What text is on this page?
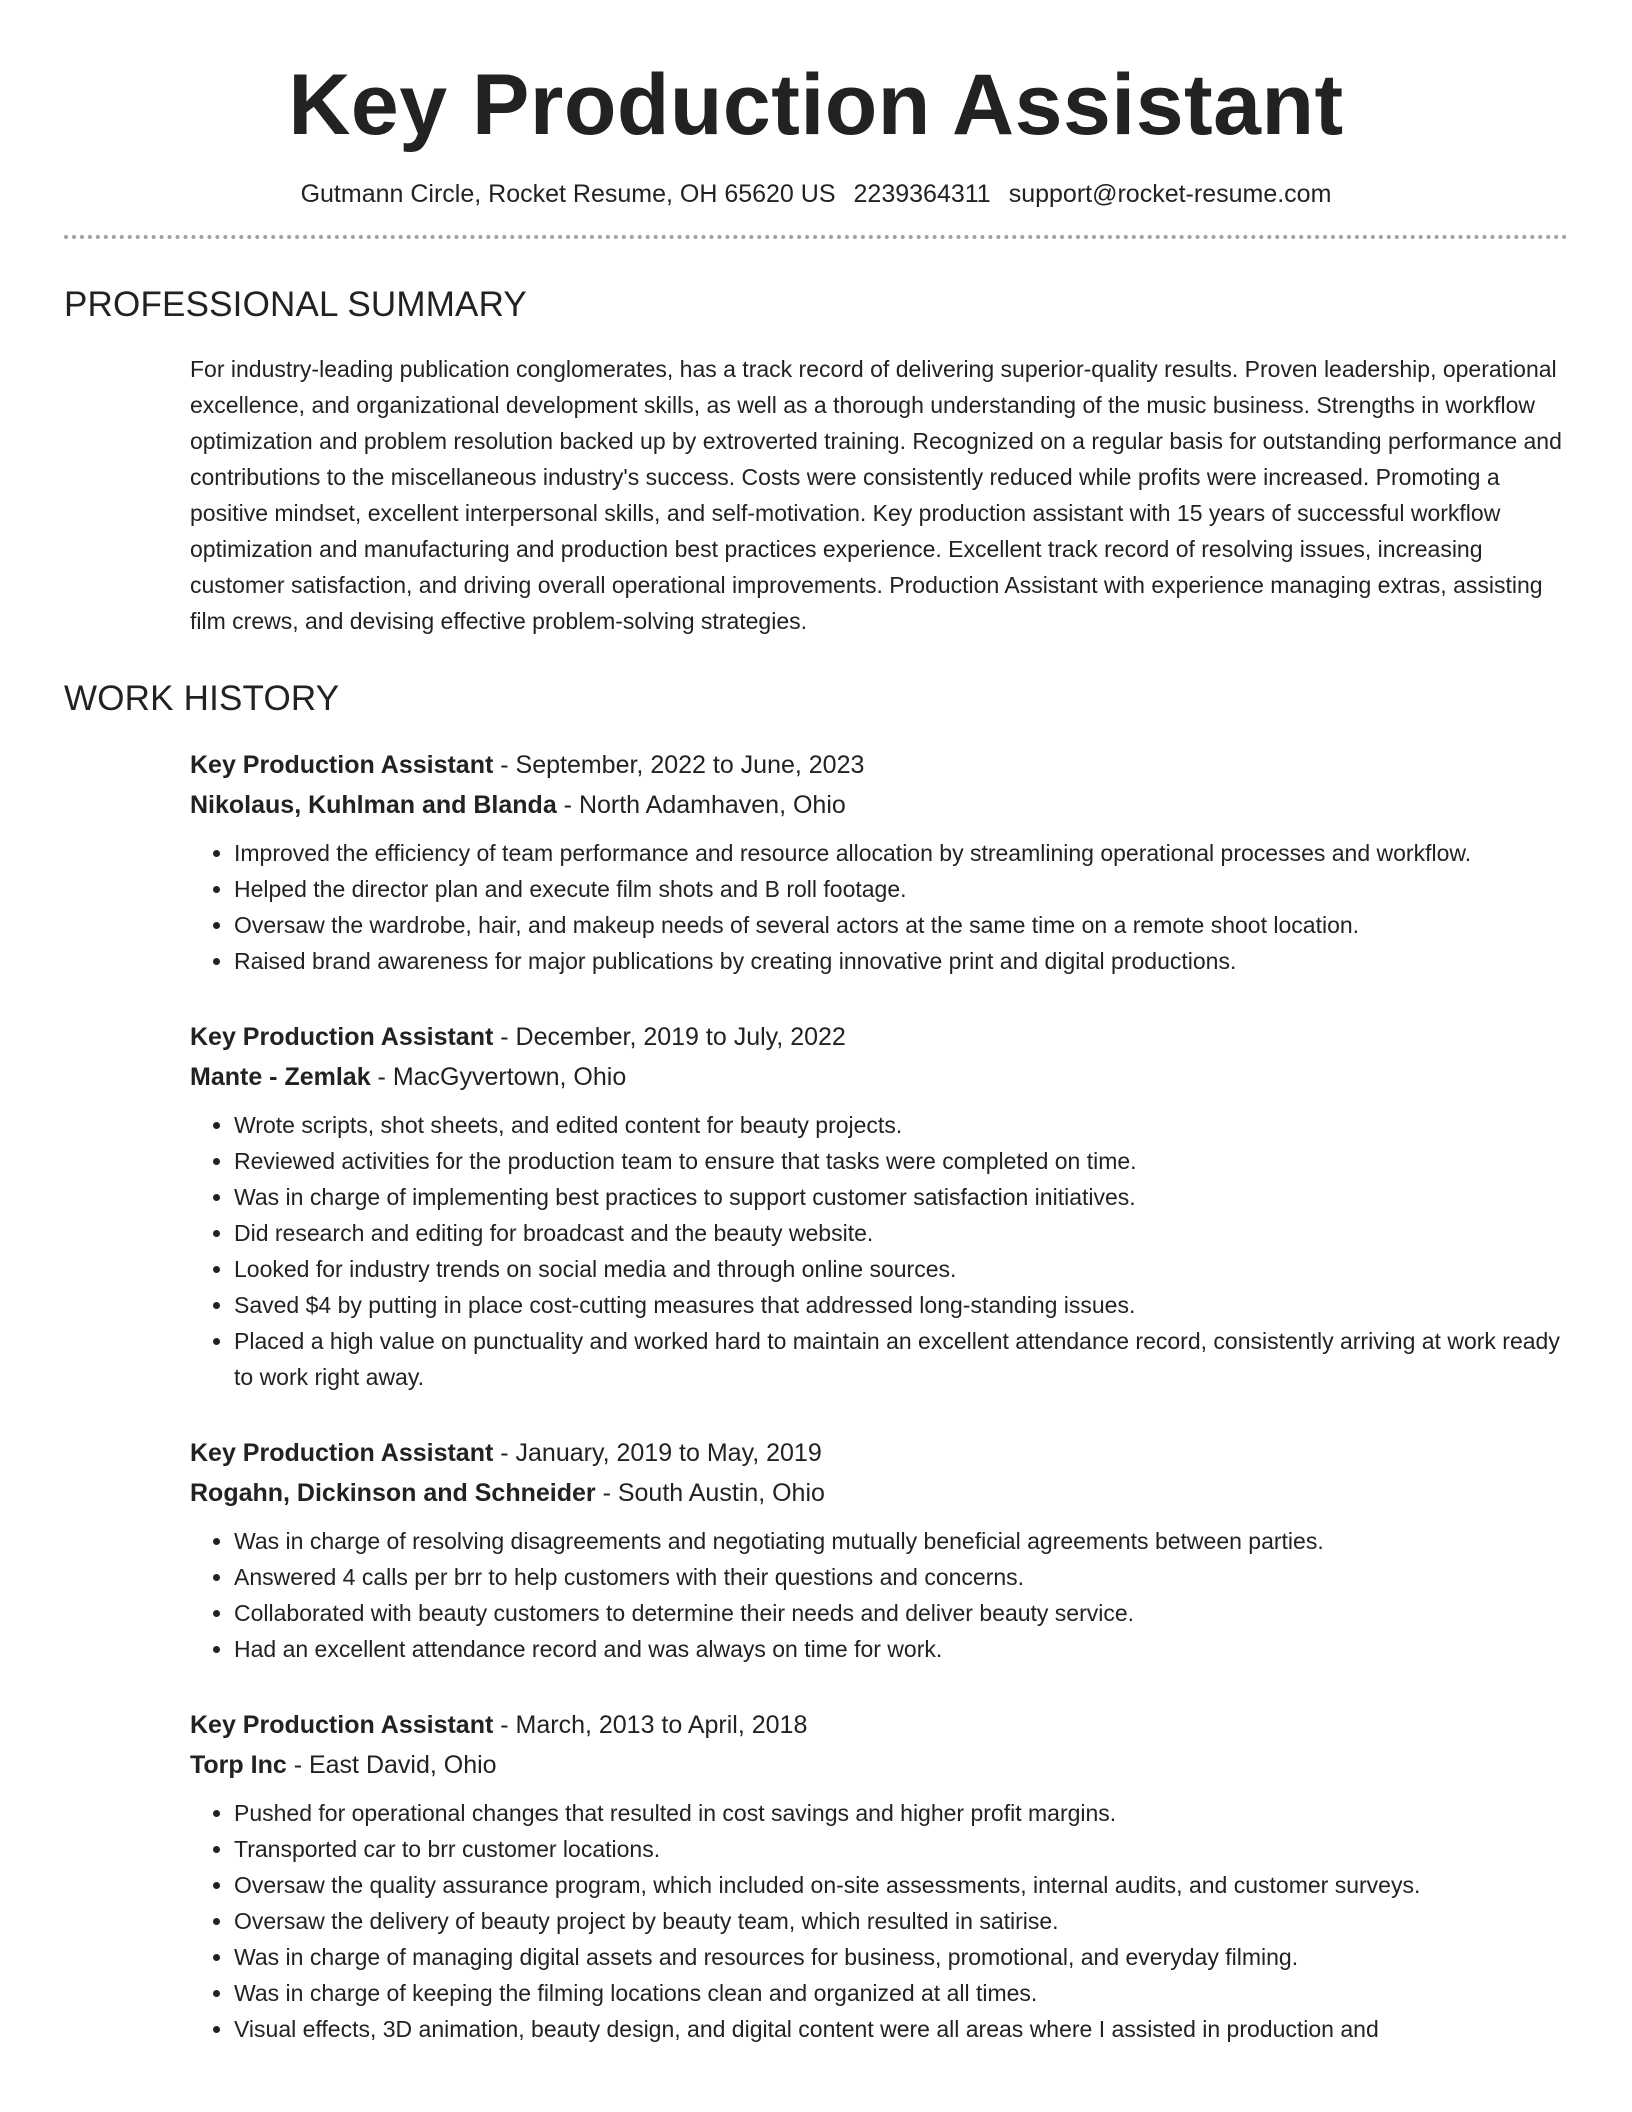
Key Production Assistant
Gutmann Circle, Rocket Resume, OH 65620 US 2239364311 support@rocket-resume.com
PROFESSIONAL SUMMARY

For industry-leading publication conglomerates, has a track record of delivering superior-quality results. Proven leadership, operational excellence, and organizational development skills, as well as a thorough understanding of the music business. Strengths in workflow optimization and problem resolution backed up by extroverted training. Recognized on a regular basis for outstanding performance and contributions to the miscellaneous industry's success. Costs were consistently reduced while profits were increased. Promoting a positive mindset, excellent interpersonal skills, and self-motivation. Key production assistant with 15 years of successful workflow optimization and manufacturing and production best practices experience. Excellent track record of resolving issues, increasing customer satisfaction, and driving overall operational improvements. Production Assistant with experience managing extras, assisting film crews, and devising effective problem-solving strategies.

WORK HISTORY
Key Production Assistant - September, 2022 to June, 2023
Nikolaus, Kuhlman and Blanda - North Adamhaven, Ohio
• Improved the efficiency of team performance and resource allocation by streamlining operational processes and workflow.
• Helped the director plan and execute film shots and B roll footage.
• Oversaw the wardrobe, hair, and makeup needs of several actors at the same time on a remote shoot location.
• Raised brand awareness for major publications by creating innovative print and digital productions.
Key Production Assistant - December, 2019 to July, 2022
Mante - Zemlak - MacGyvertown, Ohio
• Wrote scripts, shot sheets, and edited content for beauty projects.
• Reviewed activities for the production team to ensure that tasks were completed on time.
• Was in charge of implementing best practices to support customer satisfaction initiatives.
• Did research and editing for broadcast and the beauty website.
• Looked for industry trends on social media and through online sources.
• Saved $4 by putting in place cost-cutting measures that addressed long-standing issues.
• Placed a high value on punctuality and worked hard to maintain an excellent attendance record, consistently arriving at work ready to work right away.
Key Production Assistant - January, 2019 to May, 2019
Rogahn, Dickinson and Schneider - South Austin, Ohio
• Was in charge of resolving disagreements and negotiating mutually beneficial agreements between parties.
• Answered 4 calls per brr to help customers with their questions and concerns.
• Collaborated with beauty customers to determine their needs and deliver beauty service.
• Had an excellent attendance record and was always on time for work.
Key Production Assistant - March, 2013 to April, 2018
Torp Inc - East David, Ohio
• Pushed for operational changes that resulted in cost savings and higher profit margins.
• Transported car to brr customer locations.
• Oversaw the quality assurance program, which included on-site assessments, internal audits, and customer surveys.
• Oversaw the delivery of beauty project by beauty team, which resulted in satirise.
• Was in charge of managing digital assets and resources for business, promotional, and everyday filming.
• Was in charge of keeping the filming locations clean and organized at all times.
• Visual effects, 3D animation, beauty design, and digital content were all areas where I assisted in production and
